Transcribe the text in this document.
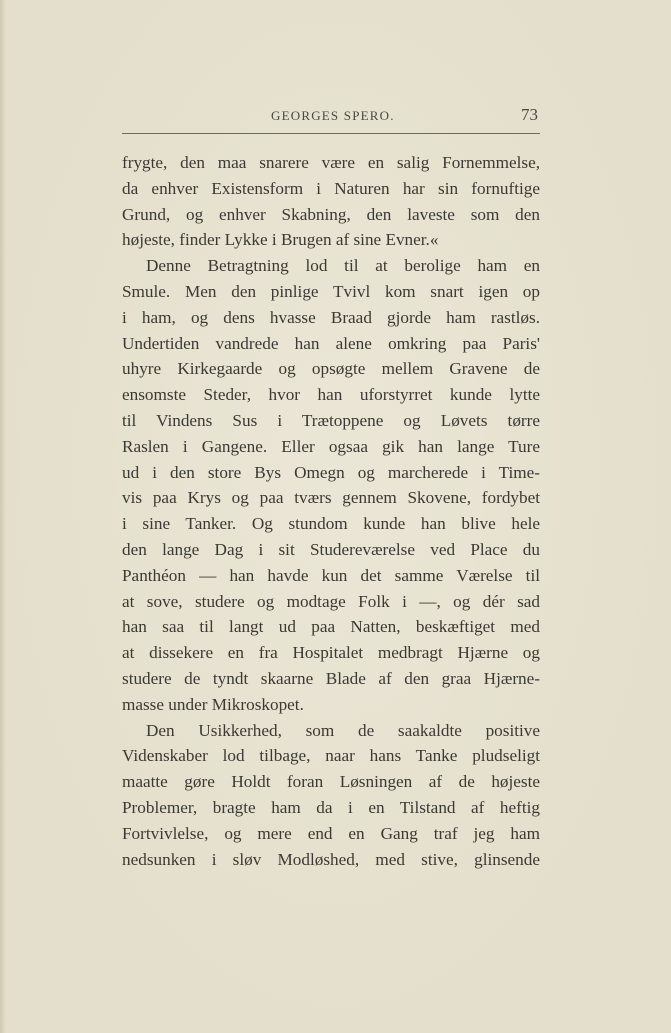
GEORGES SPERO.	73
frygte, den maa snarere være en salig Fornemmelse,
da enhver Existensform i Naturen har sin fornuftige
Grund, og enhver Skabning, den laveste som den
højeste, finder Lykke i Brugen af sine Evner.«
Denne Betragtning lod til at berolige ham en
Smule. Men den pinlige Tvivl kom snart igen op
i ham, og dens hvasse Braad gjorde ham rastløs.
Undertiden vandrede han alene omkring paa Paris'
uhyre Kirkegaarde og opsøgte mellem Gravene de
ensomste Steder, hvor han uforstyrret kunde lytte
til Vindens Sus i Trætoppene og Løvets tørre
Raslen i Gangene. Eller ogsaa gik han lange Ture
ud i den store Bys Omegn og marcherede i Time-
vis paa Krys og paa tværs gennem Skovene, fordybet
i sine Tanker. Og stundom kunde han blive hele
den lange Dag i sit Studereværelse ved Place du
Panthéon — han havde kun det samme Værelse til
at sove, studere og modtage Folk i —, og dér sad
han saa til langt ud paa Natten, beskæftiget med
at dissekere en fra Hospitalet medbragt Hjærne og
studere de tyndt skaarne Blade af den graa Hjærne-
masse under Mikroskopet.
Den Usikkerhed, som de saakaldte positive
Videnskaber lod tilbage, naar hans Tanke pludseligt
maatte gøre Holdt foran Løsningen af de højeste
Problemer, bragte ham da i en Tilstand af heftig
Fortvivlelse, og mere end en Gang traf jeg ham
nedsunken i sløv Modløshed, med stive, glinsende
